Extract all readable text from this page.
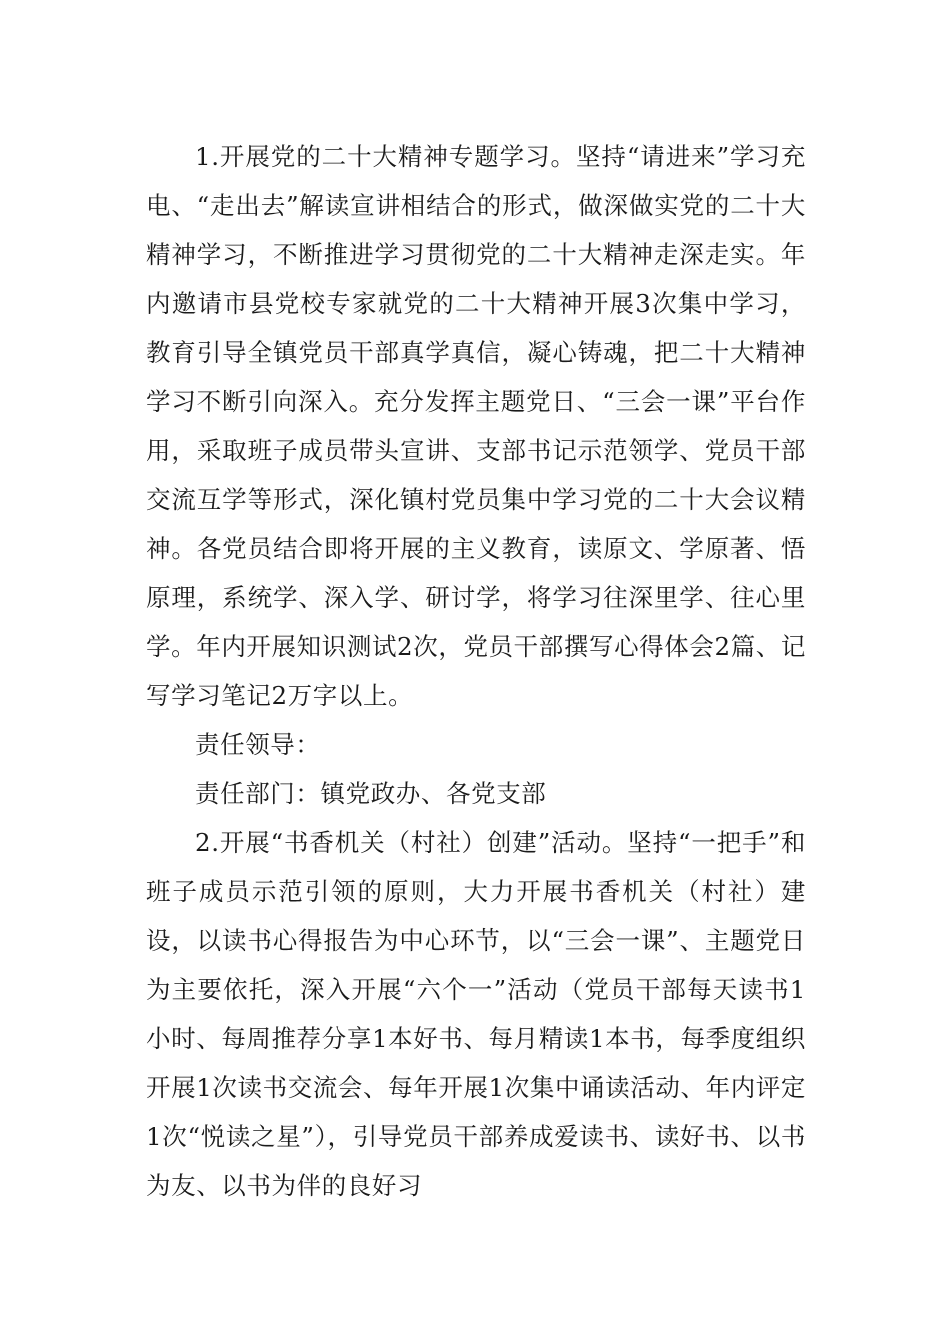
1.开展党的二十大精神专题学习。坚持“请进来”学习充电、“走出去”解读宣讲相结合的形式，做深做实党的二十大精神学习，不断推进学习贯彻党的二十大精神走深走实。年内邀请市县党校专家就党的二十大精神开展3次集中学习，教育引导全镇党员干部真学真信，凝心铸魂，把二十大精神学习不断引向深入。充分发挥主题党日、“三会一课”平台作用，采取班子成员带头宣讲、支部书记示范领学、党员干部交流互学等形式，深化镇村党员集中学习党的二十大会议精神。各党员结合即将开展的主义教育，读原文、学原著、悟原理，系统学、深入学、研讨学，将学习往深里学、往心里学。年内开展知识测试2次，党员干部撰写心得体会2篇、记写学习笔记2万字以上。

责任领导：

责任部门：镇党政办、各党支部

2.开展“书香机关（村社）创建”活动。坚持“一把手”和班子成员示范引领的原则，大力开展书香机关（村社）建设，以读书心得报告为中心环节，以“三会一课”、主题党日为主要依托，深入开展“六个一”活动（党员干部每天读书1小时、每周推荐分享1本好书、每月精读1本书，每季度组织开展1次读书交流会、每年开展1次集中诵读活动、年内评定1次“悦读之星”），引导党员干部养成爱读书、读好书、以书为友、以书为伴的良好习
